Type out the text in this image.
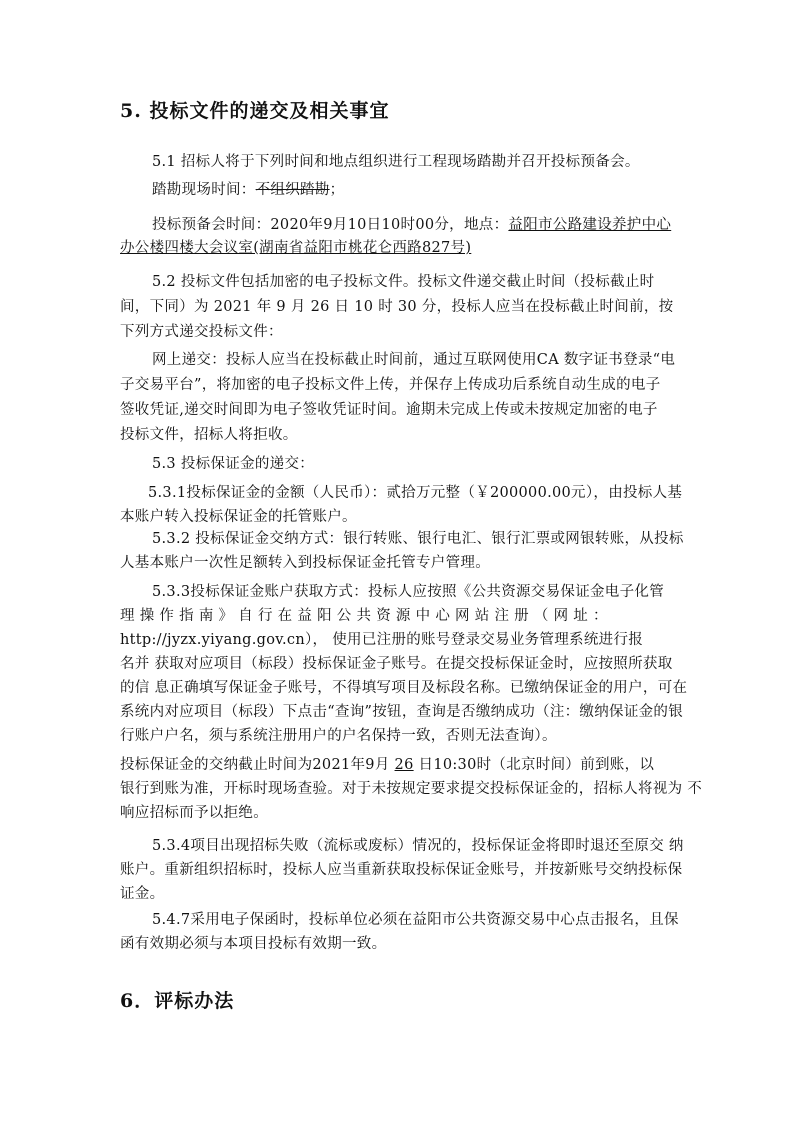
5. 投标文件的递交及相关事宜
5.1 招标人将于下列时间和地点组织进行工程现场踏勘并召开投标预备会。
踏勘现场时间：不组织踏勘；
投标预备会时间：2020年9月10日10时00分，地点：益阳市公路建设养护中心
办公楼四楼大会议室(湖南省益阳市桃花仑西路827号)
5.2 投标文件包括加密的电子投标文件。投标文件递交截止时间（投标截止时
间，下同）为 2021 年 9 月 26 日 10 时 30 分，投标人应当在投标截止时间前，按
下列方式递交投标文件：
网上递交：投标人应当在投标截止时间前，通过互联网使用CA 数字证书登录“电
子交易平台”，将加密的电子投标文件上传，并保存上传成功后系统自动生成的电子
签收凭证,递交时间即为电子签收凭证时间。逾期未完成上传或未按规定加密的电子
投标文件，招标人将拒收。
5.3 投标保证金的递交：
5.3.1投标保证金的金额（人民币）：贰拾万元整（￥200000.00元），由投标人基
本账户转入投标保证金的托管账户。
5.3.2 投标保证金交纳方式：银行转账、银行电汇、银行汇票或网银转账，从投标
人基本账户一次性足额转入到投标保证金托管专户管理。
5.3.3投标保证金账户获取方式：投标人应按照《公共资源交易保证金电子化管
理 操 作 指 南 》 自 行 在 益 阳 公 共 资 源 中 心 网 站 注 册 （ 网 址 ：
http://jyzx.yiyang.gov.cn）， 使用已注册的账号登录交易业务管理系统进行报
名并 获取对应项目（标段）投标保证金子账号。在提交投标保证金时，应按照所获取
的信 息正确填写保证金子账号，不得填写项目及标段名称。已缴纳保证金的用户，可在
系统内对应项目（标段）下点击“查询”按钮，查询是否缴纳成功（注：缴纳保证金的银
行账户户名，须与系统注册用户的户名保持一致，否则无法查询）。
投标保证金的交纳截止时间为2021年9月 26 日10:30时（北京时间）前到账，以
银行到账为准，开标时现场查验。对于未按规定要求提交投标保证金的，招标人将视为 不
响应招标而予以拒绝。
5.3.4项目出现招标失败（流标或废标）情况的，投标保证金将即时退还至原交 纳
账户。重新组织招标时，投标人应当重新获取投标保证金账号，并按新账号交纳投标保
证金。
5.4.7采用电子保函时，投标单位必须在益阳市公共资源交易中心点击报名，且保
函有效期必须与本项目投标有效期一致。
6．评标办法
